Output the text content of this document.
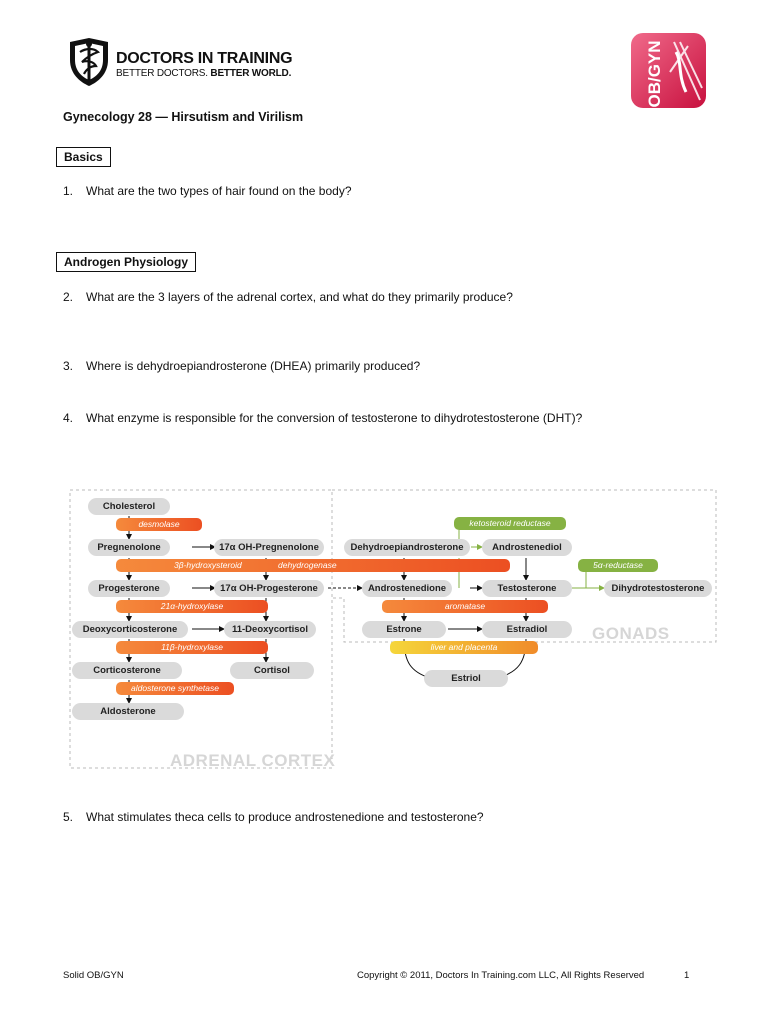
DOCTORS IN TRAINING
BETTER DOCTORS. BETTER WORLD.	OB/GYN
Gynecology 28 — Hirsutism and Virilism
Basics
1. What are the two types of hair found on the body?
Androgen Physiology
2. What are the 3 layers of the adrenal cortex, and what do they primarily produce?
3. Where is dehydroepiandrosterone (DHEA) primarily produced?
4. What enzyme is responsible for the conversion of testosterone to dihydrotestosterone (DHT)?
Cholesterol
desmolase
Pregnenolone	17α OH-Pregnenolone	Dehydroepiandrosterone	Androstenediol
ketosteroid reductase
3β-hydroxysteroid	dehydrogenase	5α-reductase
Progesterone	17α OH-Progesterone	Androstenedione	Testosterone	Dihydrotestosterone
21α-hydroxylase	aromatase
Deoxycorticosterone	11-Deoxycortisol	Estrone	Estradiol	GONADS
11β-hydroxylase	liver and placenta
Corticosterone	Cortisol
aldosterone synthetase
Estriol
Aldosterone
ADRENAL CORTEX
5. What stimulates theca cells to produce androstenedione and testosterone?
Solid OB/GYN	Copyright © 2011, Doctors In Training.com LLC, All Rights Reserved	1
